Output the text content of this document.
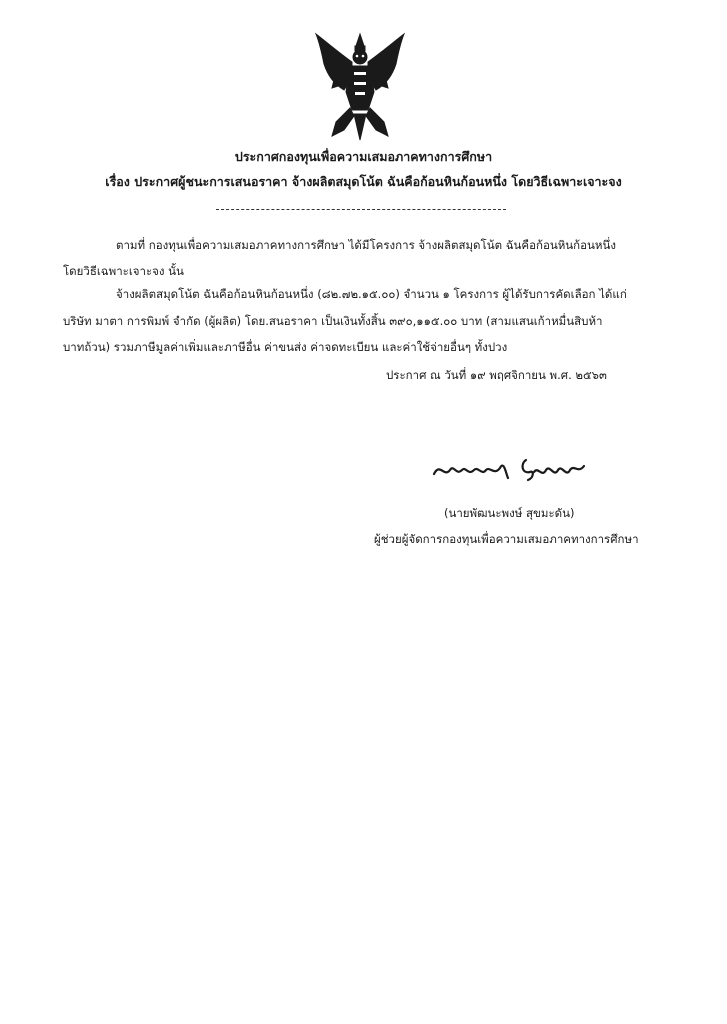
ประกาศกองทุนเพื่อความเสมอภาคทางการศึกษา
เรื่อง ประกาศผู้ชนะการเสนอราคา จ้างผลิตสมุดโน้ต ฉันคือก้อนหินก้อนหนึ่ง โดยวิธีเฉพาะเจาะจง
ตามที่ กองทุนเพื่อความเสมอภาคทางการศึกษา ได้มีโครงการ จ้างผลิตสมุดโน้ต ฉันคือก้อนหินก้อนหนึ่ง
โดยวิธีเฉพาะเจาะจง นั้น
จ้างผลิตสมุดโน้ต ฉันคือก้อนหินก้อนหนึ่ง (๘๒.๗๒.๑๕.๐๐) จำนวน ๑ โครงการ ผู้ได้รับการคัดเลือก ได้แก่
บริษัท มาตา การพิมพ์ จำกัด (ผู้ผลิต) โดย.สนอราคา เป็นเงินทั้งสิ้น ๓๙๐,๑๑๕.๐๐ บาท (สามแสนเก้าหมื่นสิบห้า
บาทถ้วน) รวมภาษีมูลค่าเพิ่มและภาษีอื่น ค่าขนส่ง ค่าจดทะเบียน และค่าใช้จ่ายอื่นๆ ทั้งปวง
ประกาศ ณ วันที่ ๑๙ พฤศจิกายน พ.ศ. ๒๕๖๓
(นายพัฒนะพงษ์ สุขมะดัน)
ผู้ช่วยผู้จัดการกองทุนเพื่อความเสมอภาคทางการศึกษา
